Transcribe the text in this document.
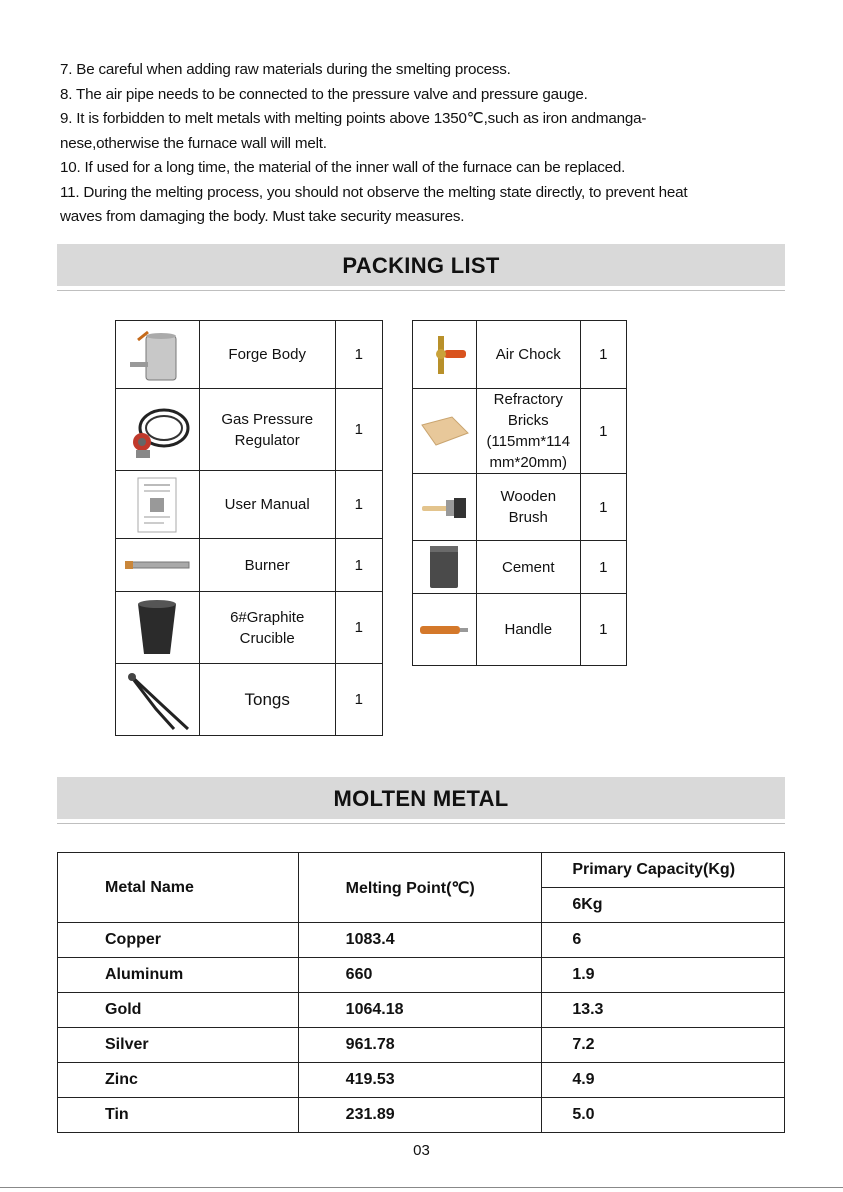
7. Be careful when adding raw materials during the smelting process.

8. The air pipe needs to be connected to the pressure valve and pressure gauge.

9. It is forbidden to melt metals with melting points above 1350℃,such as iron andmanga-

nese,otherwise the furnace wall will melt.

10. If used for a long time, the material of the inner wall of the furnace can be replaced.

11. During the melting process, you should not observe the melting state directly, to prevent heat

waves from damaging the body. Must take security measures.

PACKING LIST

Forge Body	1

Gas Pressure Regulator	1

User Manual	1

Burner	1

6#Graphite Crucible	1

Tongs	1

Air Chock	1

Refractory Bricks (115mm*114 mm*20mm)	1

Wooden Brush	1

Cement	1

Handle	1
MOLTEN METAL
Metal Name	Melting Point(℃)	Primary Capacity(Kg)
		6Kg
Copper	1083.4	6
Aluminum	660	1.9
Gold	1064.18	13.3
Silver	961.78	7.2
Zinc	419.53	4.9
Tin	231.89	5.0
03
